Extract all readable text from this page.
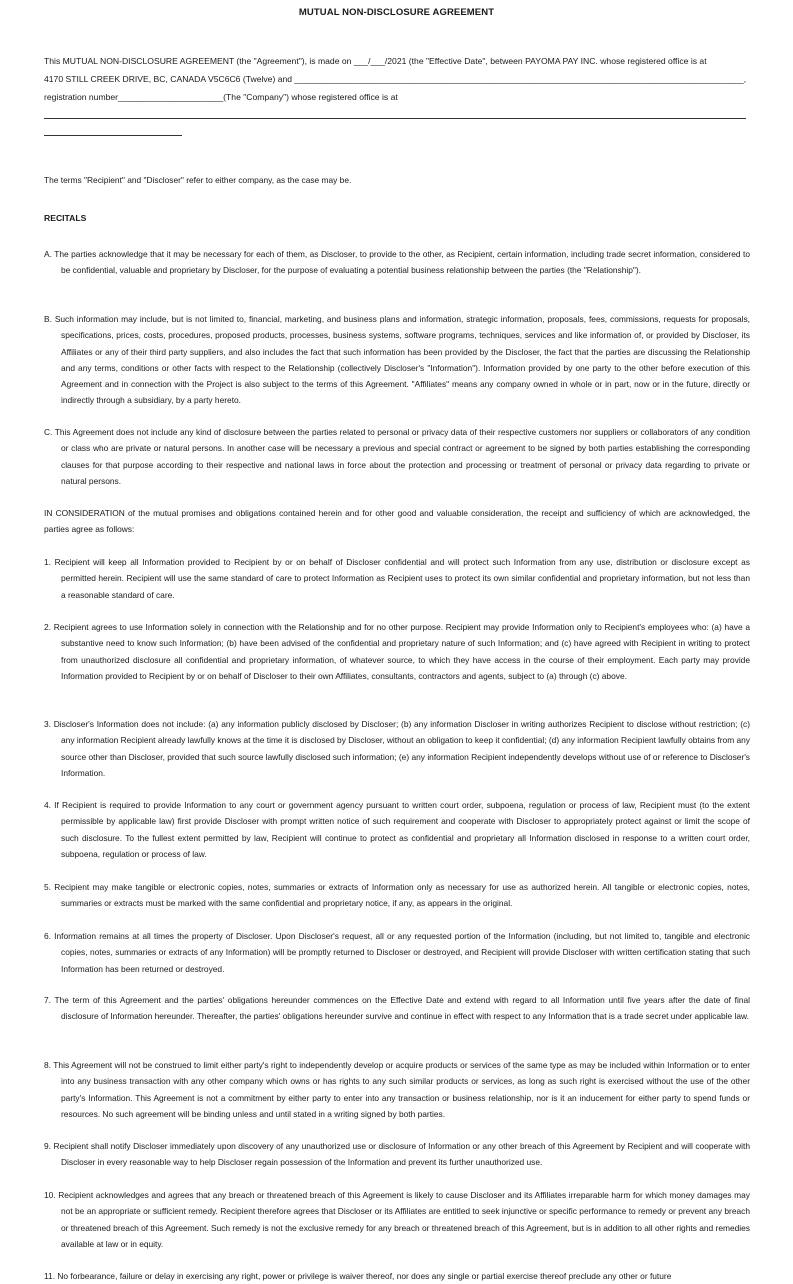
MUTUAL NON-DISCLOSURE AGREEMENT
This MUTUAL NON-DISCLOSURE AGREEMENT (the "Agreement"), is made on ___/___/2021 (the "Effective Date", between PAYOMA PAY INC. whose registered office is at
4170 STILL CREEK DRIVE, BC, CANADA V5C6C6 (Twelve) and ______________________________________________________________________________________________,
registration number______________________(The "Company") whose registered office is at
The terms "Recipient" and "Discloser" refer to either company, as the case may be.
RECITALS
A. The parties acknowledge that it may be necessary for each of them, as Discloser, to provide to the other, as Recipient, certain information, including trade secret information, considered to be confidential, valuable and proprietary by Discloser, for the purpose of evaluating a potential business relationship between the parties (the "Relationship").
B. Such information may include, but is not limited to, financial, marketing, and business plans and information, strategic information, proposals, fees, commissions, requests for proposals, specifications, prices, costs, procedures, proposed products, processes, business systems, software programs, techniques, services and like information of, or provided by Discloser, its Affiliates or any of their third party suppliers, and also includes the fact that such information has been provided by the Discloser, the fact that the parties are discussing the Relationship and any terms, conditions or other facts with respect to the Relationship (collectively Discloser's "Information"). Information provided by one party to the other before execution of this Agreement and in connection with the Project is also subject to the terms of this Agreement. "Affiliates" means any company owned in whole or in part, now or in the future, directly or indirectly through a subsidiary, by a party hereto.
C. This Agreement does not include any kind of disclosure between the parties related to personal or privacy data of their respective customers nor suppliers or collaborators of any condition or class who are private or natural persons. In another case will be necessary a previous and special contract or agreement to be signed by both parties establishing the corresponding clauses for that purpose according to their respective and national laws in force about the protection and processing or treatment of personal or privacy data regarding to private or natural persons.
IN CONSIDERATION of the mutual promises and obligations contained herein and for other good and valuable consideration, the receipt and sufficiency of which are acknowledged, the parties agree as follows:
1. Recipient will keep all Information provided to Recipient by or on behalf of Discloser confidential and will protect such Information from any use, distribution or disclosure except as permitted herein. Recipient will use the same standard of care to protect Information as Recipient uses to protect its own similar confidential and proprietary information, but not less than a reasonable standard of care.
2. Recipient agrees to use Information solely in connection with the Relationship and for no other purpose. Recipient may provide Information only to Recipient's employees who: (a) have a substantive need to know such Information; (b) have been advised of the confidential and proprietary nature of such Information; and (c) have agreed with Recipient in writing to protect from unauthorized disclosure all confidential and proprietary information, of whatever source, to which they have access in the course of their employment. Each party may provide Information provided to Recipient by or on behalf of Discloser to their own Affiliates, consultants, contractors and agents, subject to (a) through (c) above.
3. Discloser's Information does not include: (a) any information publicly disclosed by Discloser; (b) any information Discloser in writing authorizes Recipient to disclose without restriction; (c) any information Recipient already lawfully knows at the time it is disclosed by Discloser, without an obligation to keep it confidential; (d) any information Recipient lawfully obtains from any source other than Discloser, provided that such source lawfully disclosed such information; (e) any information Recipient independently develops without use of or reference to Discloser's Information.
4. If Recipient is required to provide Information to any court or government agency pursuant to written court order, subpoena, regulation or process of law, Recipient must (to the extent permissible by applicable law) first provide Discloser with prompt written notice of such requirement and cooperate with Discloser to appropriately protect against or limit the scope of such disclosure. To the fullest extent permitted by law, Recipient will continue to protect as confidential and proprietary all Information disclosed in response to a written court order, subpoena, regulation or process of law.
5. Recipient may make tangible or electronic copies, notes, summaries or extracts of Information only as necessary for use as authorized herein. All tangible or electronic copies, notes, summaries or extracts must be marked with the same confidential and proprietary notice, if any, as appears in the original.
6. Information remains at all times the property of Discloser. Upon Discloser's request, all or any requested portion of the Information (including, but not limited to, tangible and electronic copies, notes, summaries or extracts of any Information) will be promptly returned to Discloser or destroyed, and Recipient will provide Discloser with written certification stating that such Information has been returned or destroyed.
7. The term of this Agreement and the parties' obligations hereunder commences on the Effective Date and extend with regard to all Information until five years after the date of final disclosure of Information hereunder. Thereafter, the parties' obligations hereunder survive and continue in effect with respect to any Information that is a trade secret under applicable law.
8. This Agreement will not be construed to limit either party's right to independently develop or acquire products or services of the same type as may be included within Information or to enter into any business transaction with any other company which owns or has rights to any such similar products or services, as long as such right is exercised without the use of the other party's Information. This Agreement is not a commitment by either party to enter into any transaction or business relationship, nor is it an inducement for either party to spend funds or resources. No such agreement will be binding unless and until stated in a writing signed by both parties.
9. Recipient shall notify Discloser immediately upon discovery of any unauthorized use or disclosure of Information or any other breach of this Agreement by Recipient and will cooperate with Discloser in every reasonable way to help Discloser regain possession of the Information and prevent its further unauthorized use.
10. Recipient acknowledges and agrees that any breach or threatened breach of this Agreement is likely to cause Discloser and its Affiliates irreparable harm for which money damages may not be an appropriate or sufficient remedy. Recipient therefore agrees that Discloser or its Affiliates are entitled to seek injunctive or specific performance to remedy or prevent any breach or threatened breach of this Agreement. Such remedy is not the exclusive remedy for any breach or threatened breach of this Agreement, but is in addition to all other rights and remedies available at law or in equity.
11. No forbearance, failure or delay in exercising any right, power or privilege is waiver thereof, nor does any single or partial exercise thereof preclude any other or future
